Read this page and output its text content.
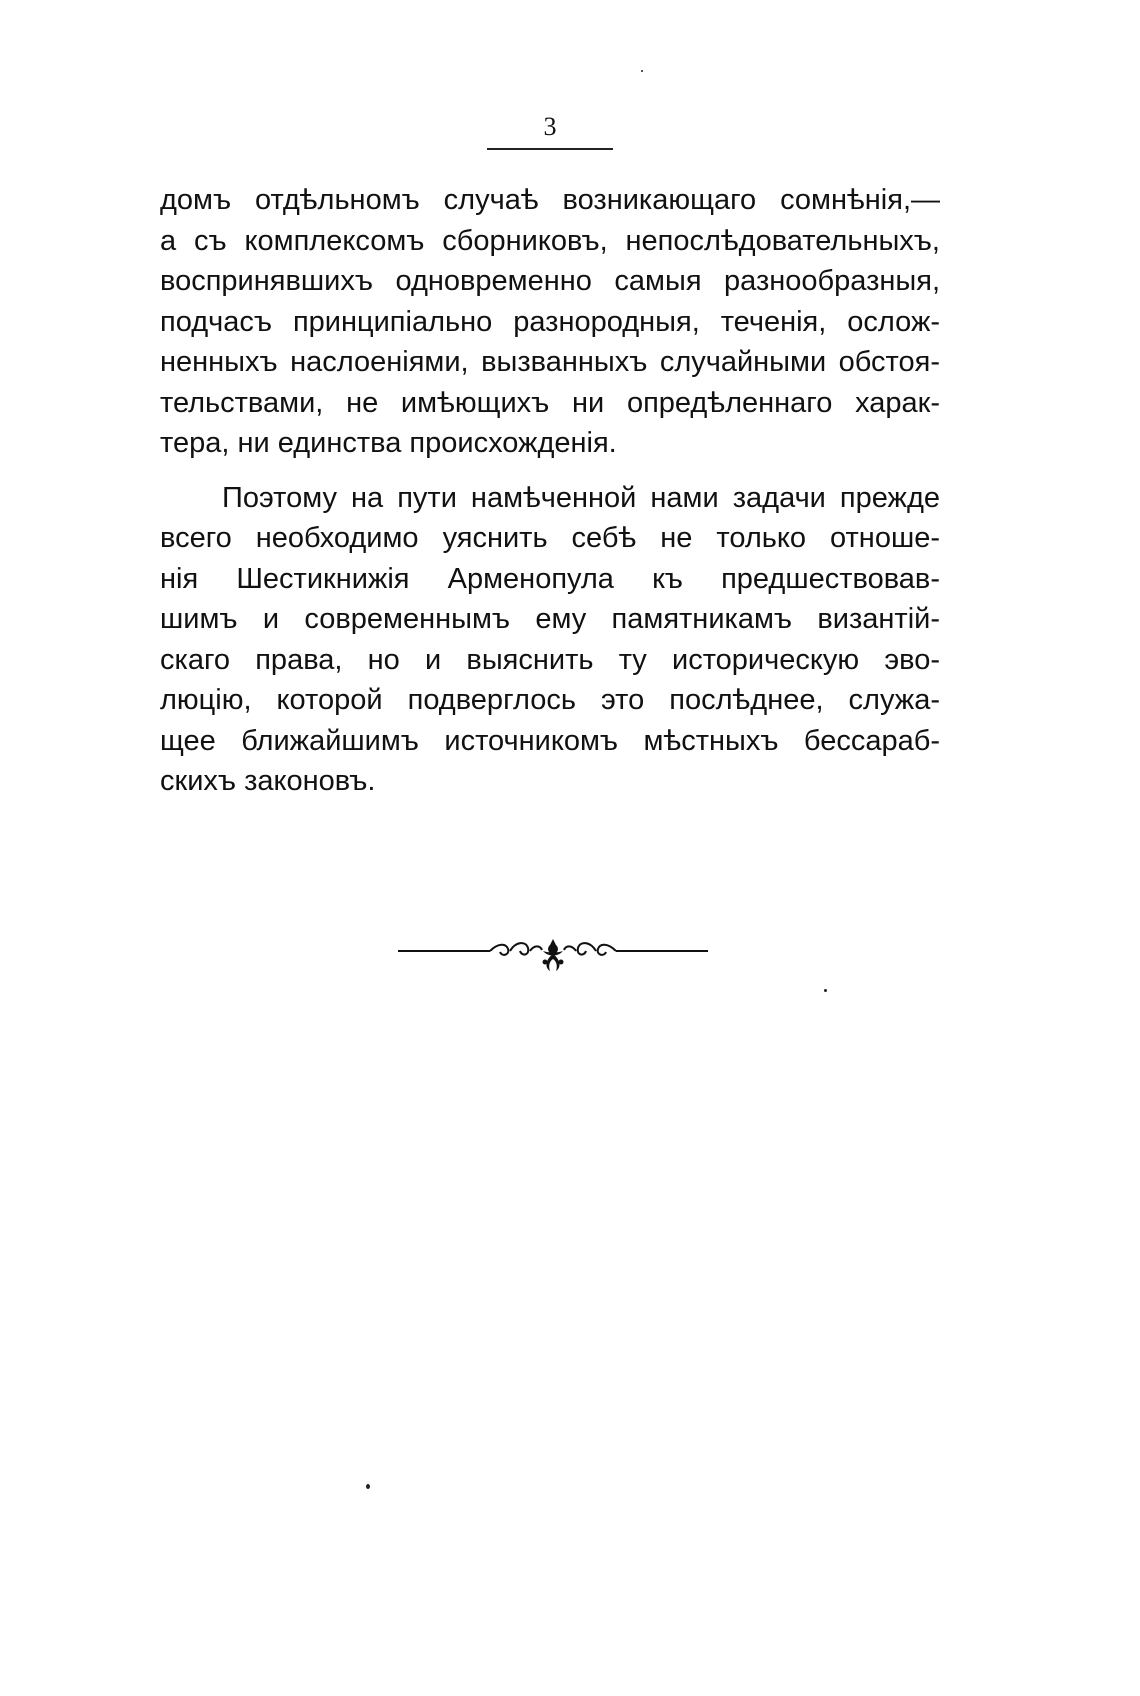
3
домъ отдѣльномъ случаѣ возникающаго сомнѣнія,—
а съ комплексомъ сборниковъ, непослѣдовательныхъ,
воспринявшихъ одновременно самыя разнообразныя,
подчасъ принципіально разнородныя, теченія, ослож-
ненныхъ наслоеніями, вызванныхъ случайными обстоя-
тельствами, не имѣющихъ ни опредѣленнаго харак-
тера, ни единства происхожденія.
Поэтому на пути намѣченной нами задачи прежде
всего необходимо уяснить себѣ не только отноше-
нія Шестикнижія Арменопула къ предшествовав-
шимъ и современнымъ ему памятникамъ византій-
скаго права, но и выяснить ту историческую эво-
люцію, которой подверглось это послѣднее, служа-
щее ближайшимъ источникомъ мѣстныхъ бессараб-
скихъ законовъ.
